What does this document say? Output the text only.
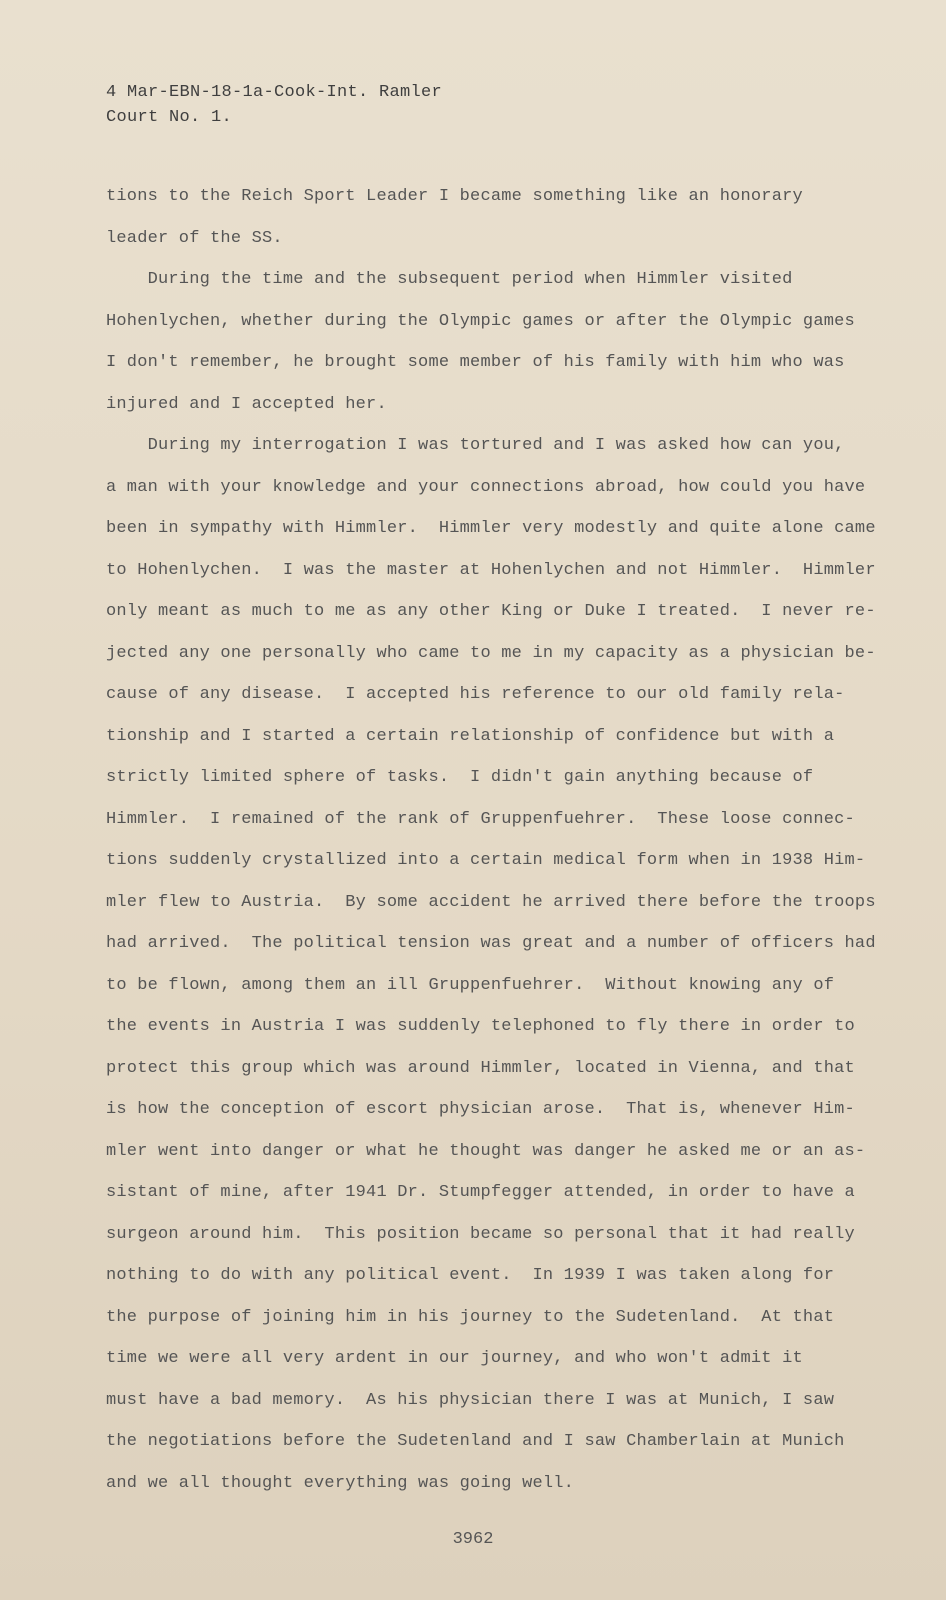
4 Mar-EBN-18-1a-Cook-Int. Ramler
Court No. 1.
tions to the Reich Sport Leader I became something like an honorary
leader of the SS.
During the time and the subsequent period when Himmler visited
Hohenlychen, whether during the Olympic games or after the Olympic games
I don't remember, he brought some member of his family with him who was
injured and I accepted her.
During my interrogation I was tortured and I was asked how can you,
a man with your knowledge and your connections abroad, how could you have
been in sympathy with Himmler.  Himmler very modestly and quite alone came
to Hohenlychen.  I was the master at Hohenlychen and not Himmler.  Himmler
only meant as much to me as any other King or Duke I treated.  I never re-
jected any one personally who came to me in my capacity as a physician be-
cause of any disease.  I accepted his reference to our old family rela-
tionship and I started a certain relationship of confidence but with a
strictly limited sphere of tasks.  I didn't gain anything because of
Himmler.  I remained of the rank of Gruppenfuehrer.  These loose connec-
tions suddenly crystallized into a certain medical form when in 1938 Him-
mler flew to Austria.  By some accident he arrived there before the troops
had arrived.  The political tension was great and a number of officers had
to be flown, among them an ill Gruppenfuehrer.  Without knowing any of
the events in Austria I was suddenly telephoned to fly there in order to
protect this group which was around Himmler, located in Vienna, and that
is how the conception of escort physician arose.  That is, whenever Him-
mler went into danger or what he thought was danger he asked me or an as-
sistant of mine, after 1941 Dr. Stumpfegger attended, in order to have a
surgeon around him.  This position became so personal that it had really
nothing to do with any political event.  In 1939 I was taken along for
the purpose of joining him in his journey to the Sudetenland.  At that
time we were all very ardent in our journey, and who won't admit it
must have a bad memory.  As his physician there I was at Munich, I saw
the negotiations before the Sudetenland and I saw Chamberlain at Munich
and we all thought everything was going well.
3962
